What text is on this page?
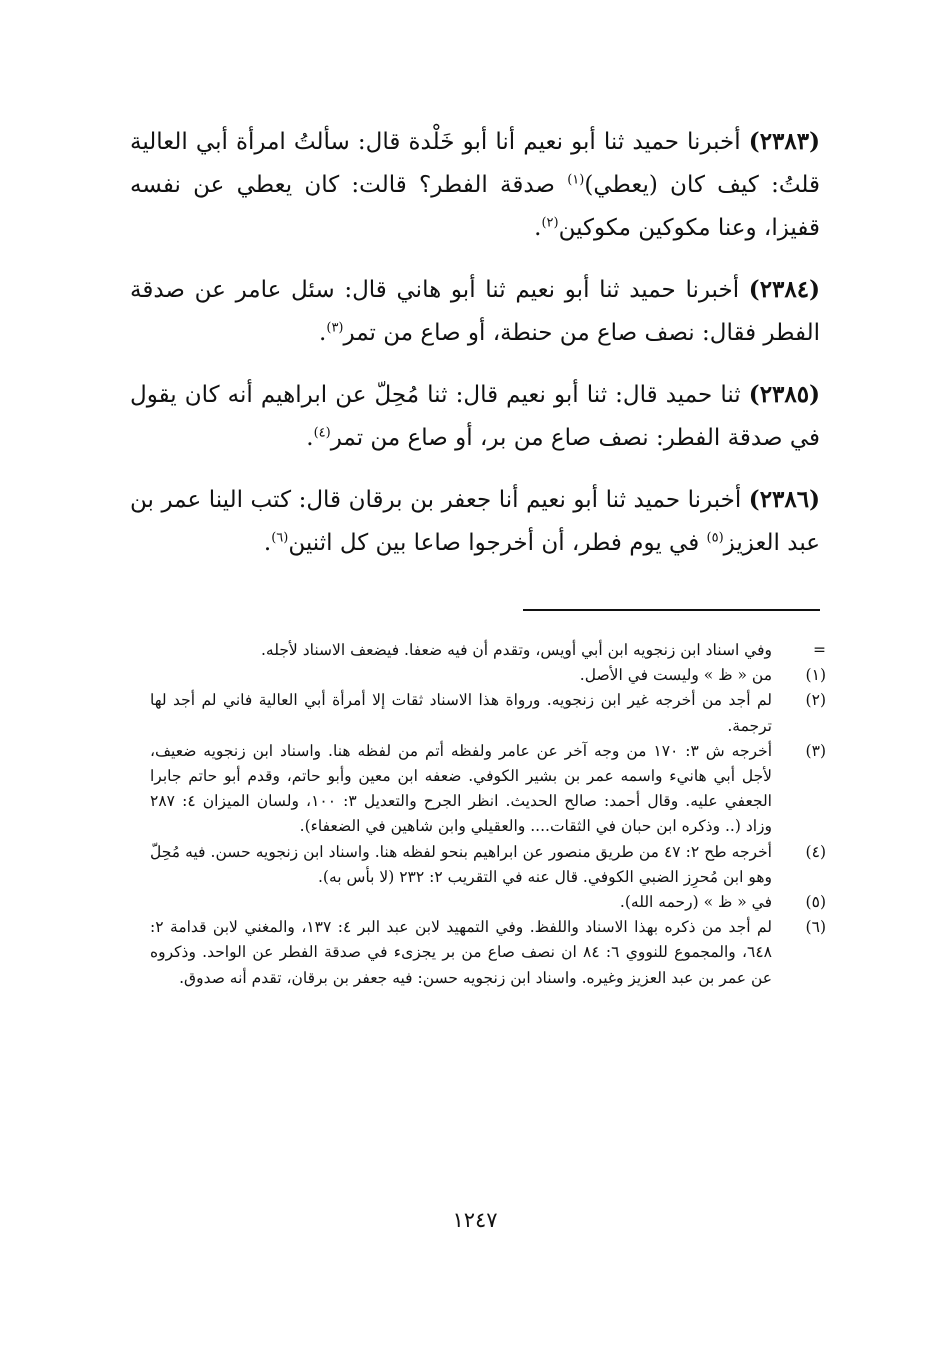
(٢٣٨٣) أخبرنا حميد ثنا أبو نعيم أنا أبو خَلْدة قال: سألتُ امرأة أبي العالية قلتُ: كيف كان (يعطي)$^{(١)}$ صدقة الفطر؟ قالت: كان يعطي عن نفسه قفيزا، وعنا مكوكين مكوكين$^{(٢)}$.

(٢٣٨٤) أخبرنا حميد ثنا أبو نعيم ثنا أبو هاني قال: سئل عامر عن صدقة الفطر فقال: نصف صاع من حنطة، أو صاع من تمر$^{(٣)}$.

(٢٣٨٥) ثنا حميد قال: ثنا أبو نعيم قال: ثنا مُحِلّ عن ابراهيم أنه كان يقول في صدقة الفطر: نصف صاع من بر، أو صاع من تمر$^{(٤)}$.

(٢٣٨٦) أخبرنا حميد ثنا أبو نعيم أنا جعفر بن برقان قال: كتب الينا عمر بن عبد العزيز$^{(٥)}$ في يوم فطر، أن أخرجوا صاعا بين كل اثنين$^{(٦)}$.

=
وفي اسناد ابن زنجويه ابن أبي أويس، وتقدم أن فيه ضعفا. فيضعف الاسناد لأجله.
(١)
من « ظ » وليست في الأصل.
(٢)
لم أجد من أخرجه غير ابن زنجويه. ورواة هذا الاسناد ثقات إلا أمرأة أبي العالية فاني لم أجد لها ترجمة.
(٣)
أخرجه ش ٣: ١٧٠ من وجه آخر عن عامر ولفظه أتم من لفظه هنا. واسناد ابن زنجويه ضعيف، لأجل أبي هانيء واسمه عمر بن بشير الكوفي. ضعفه ابن معين وأبو حاتم، وقدم أبو حاتم جابرا الجعفي عليه. وقال أحمد: صالح الحديث. انظر الجرح والتعديل ٣: ١٠٠، ولسان الميزان ٤: ٢٨٧ وزاد (.. وذكره ابن حبان في الثقات.... والعقيلي وابن شاهين في الضعفاء).
(٤)
أخرجه طح ٢: ٤٧ من طريق منصور عن ابراهيم بنحو لفظه هنا. واسناد ابن زنجويه حسن. فيه مُحِلّ وهو ابن مُحرِز الضبي الكوفي. قال عنه في التقريب ٢: ٢٣٢ (لا بأس به).
(٥)
في « ظ » (رحمه الله).
(٦)
لم أجد من ذكره بهذا الاسناد واللفظ. وفي التمهيد لابن عبد البر ٤: ١٣٧، والمغني لابن قدامة ٢: ٦٤٨، والمجموع للنووي ٦: ٨٤ ان نصف صاع من بر يجزىء في صدقة الفطر عن الواحد. وذكروه عن عمر بن عبد العزيز وغيره. واسناد ابن زنجويه حسن: فيه جعفر بن برقان، تقدم أنه صدوق.
١٢٤٧
